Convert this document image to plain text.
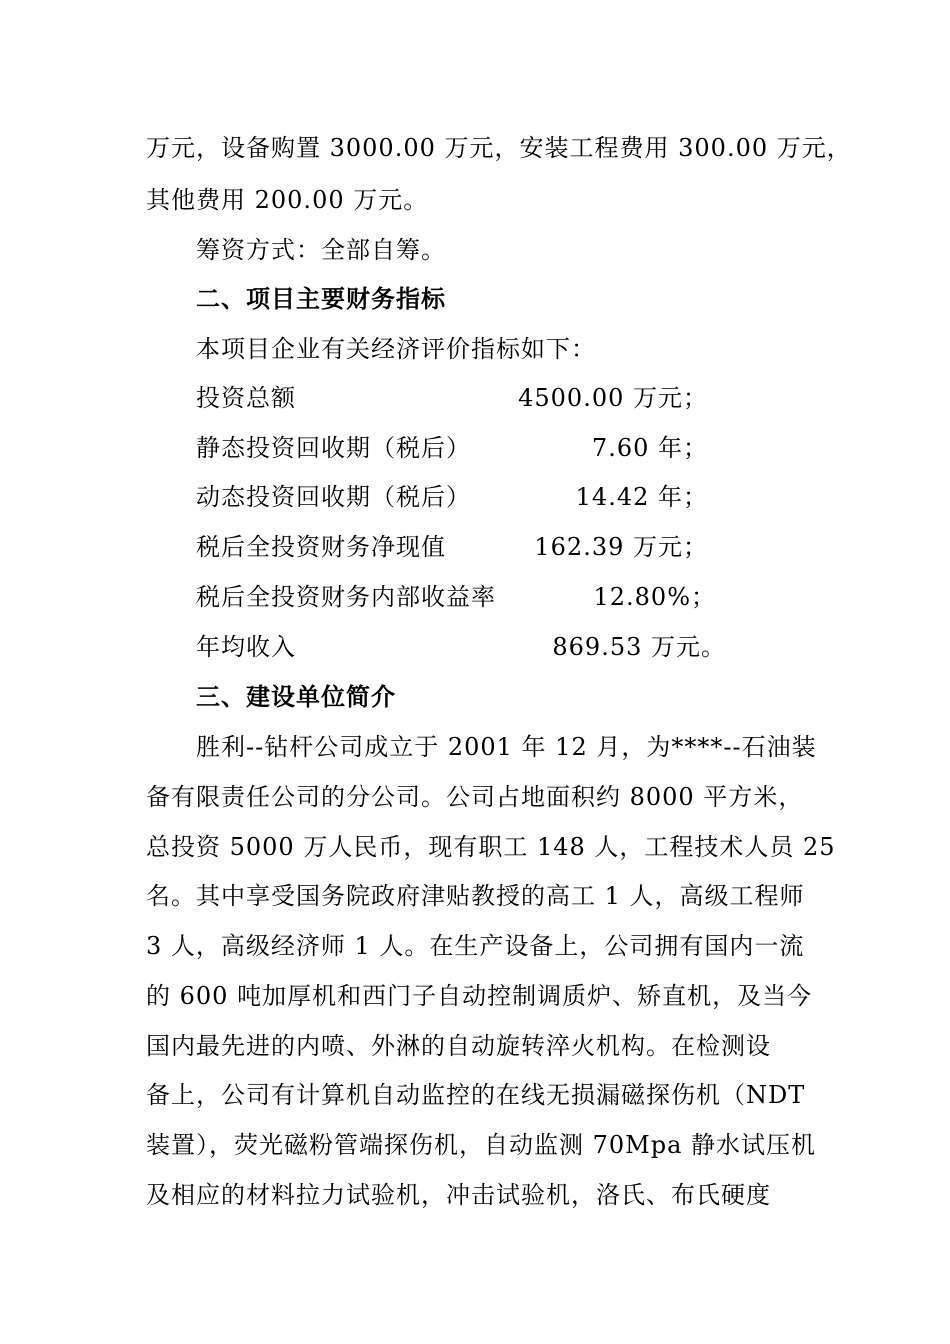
万元，设备购置 3000.00 万元，安装工程费用 300.00 万元，
其他费用 200.00 万元。
筹资方式：全部自筹。
二、项目主要财务指标
本项目企业有关经济评价指标如下：
投资总额	4500.00 万元；
静态投资回收期（税后）	7.60 年；
动态投资回收期（税后）	14.42 年；
税后全投资财务净现值	162.39 万元；
税后全投资财务内部收益率	12.80%；
年均收入	869.53 万元。
三、建设单位简介
胜利--钻杆公司成立于 2001 年 12 月，为****--石油装
备有限责任公司的分公司。公司占地面积约 8000 平方米，
总投资 5000 万人民币，现有职工 148 人，工程技术人员 25
名。其中享受国务院政府津贴教授的高工 1 人，高级工程师
3 人，高级经济师 1 人。在生产设备上，公司拥有国内一流
的 600 吨加厚机和西门子自动控制调质炉、矫直机，及当今
国内最先进的内喷、外淋的自动旋转淬火机构。在检测设
备上，公司有计算机自动监控的在线无损漏磁探伤机（NDT
装置），荧光磁粉管端探伤机，自动监测 70Mpa 静水试压机
及相应的材料拉力试验机，冲击试验机，洛氏、布氏硬度
